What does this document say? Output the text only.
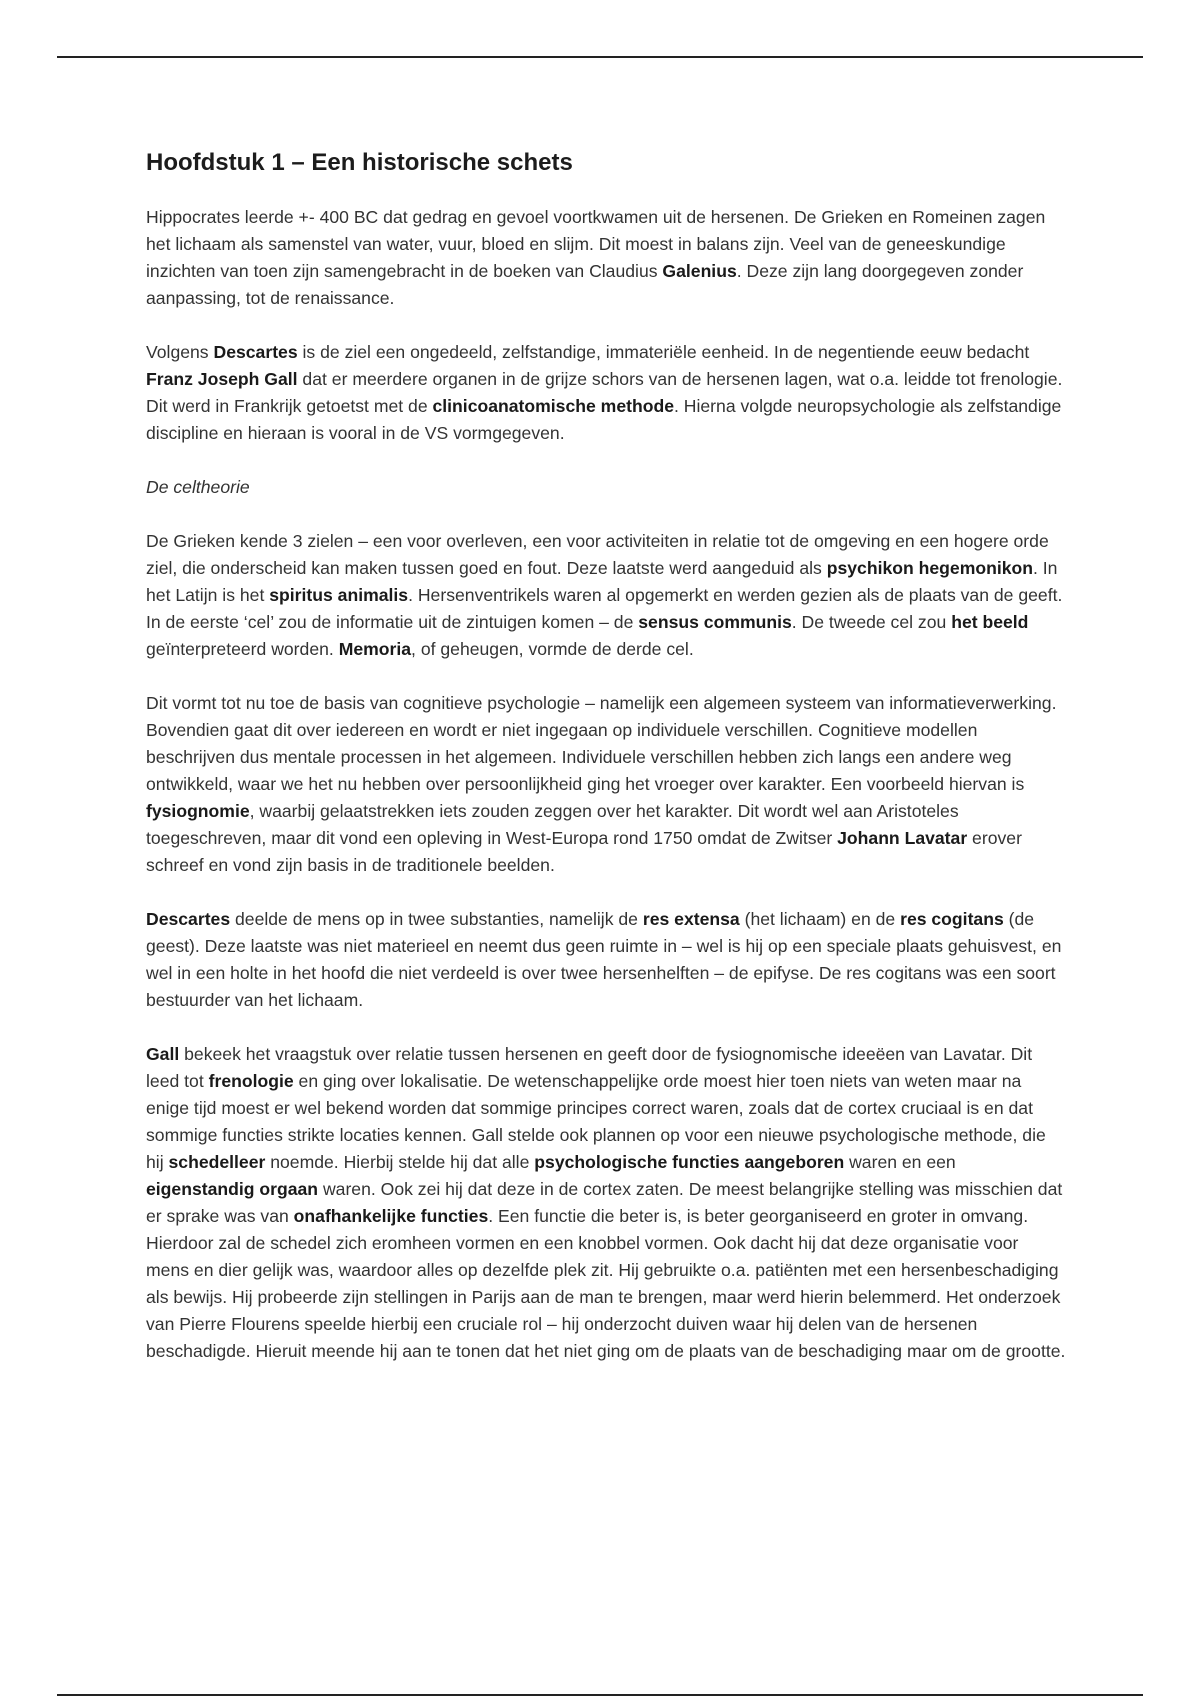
Hoofdstuk 1 – Een historische schets

Hippocrates leerde +- 400 BC dat gedrag en gevoel voortkwamen uit de hersenen. De Grieken en Romeinen zagen het lichaam als samenstel van water, vuur, bloed en slijm. Dit moest in balans zijn. Veel van de geneeskundige inzichten van toen zijn samengebracht in de boeken van Claudius Galenius. Deze zijn lang doorgegeven zonder aanpassing, tot de renaissance.

Volgens Descartes is de ziel een ongedeeld, zelfstandige, immateriële eenheid. In de negentiende eeuw bedacht Franz Joseph Gall dat er meerdere organen in de grijze schors van de hersenen lagen, wat o.a. leidde tot frenologie. Dit werd in Frankrijk getoetst met de clinicoanatomische methode. Hierna volgde neuropsychologie als zelfstandige discipline en hieraan is vooral in de VS vormgegeven.

De celtheorie

De Grieken kende 3 zielen – een voor overleven, een voor activiteiten in relatie tot de omgeving en een hogere orde ziel, die onderscheid kan maken tussen goed en fout. Deze laatste werd aangeduid als psychikon hegemonikon. In het Latijn is het spiritus animalis. Hersenventrikels waren al opgemerkt en werden gezien als de plaats van de geeft. In de eerste ‘cel’ zou de informatie uit de zintuigen komen – de sensus communis. De tweede cel zou het beeld geïnterpreteerd worden. Memoria, of geheugen, vormde de derde cel.

Dit vormt tot nu toe de basis van cognitieve psychologie – namelijk een algemeen systeem van informatieverwerking. Bovendien gaat dit over iedereen en wordt er niet ingegaan op individuele verschillen. Cognitieve modellen beschrijven dus mentale processen in het algemeen. Individuele verschillen hebben zich langs een andere weg ontwikkeld, waar we het nu hebben over persoonlijkheid ging het vroeger over karakter. Een voorbeeld hiervan is fysiognomie, waarbij gelaatstrekken iets zouden zeggen over het karakter. Dit wordt wel aan Aristoteles toegeschreven, maar dit vond een opleving in West-Europa rond 1750 omdat de Zwitser Johann Lavatar erover schreef en vond zijn basis in de traditionele beelden.

Descartes deelde de mens op in twee substanties, namelijk de res extensa (het lichaam) en de res cogitans (de geest). Deze laatste was niet materieel en neemt dus geen ruimte in – wel is hij op een speciale plaats gehuisvest, en wel in een holte in het hoofd die niet verdeeld is over twee hersenhelften – de epifyse. De res cogitans was een soort bestuurder van het lichaam.

Gall bekeek het vraagstuk over relatie tussen hersenen en geeft door de fysiognomische ideeëen van Lavatar. Dit leed tot frenologie en ging over lokalisatie. De wetenschappelijke orde moest hier toen niets van weten maar na enige tijd moest er wel bekend worden dat sommige principes correct waren, zoals dat de cortex cruciaal is en dat sommige functies strikte locaties kennen. Gall stelde ook plannen op voor een nieuwe psychologische methode, die hij schedelleer noemde. Hierbij stelde hij dat alle psychologische functies aangeboren waren en een eigenstandig orgaan waren. Ook zei hij dat deze in de cortex zaten. De meest belangrijke stelling was misschien dat er sprake was van onafhankelijke functies. Een functie die beter is, is beter georganiseerd en groter in omvang. Hierdoor zal de schedel zich eromheen vormen en een knobbel vormen. Ook dacht hij dat deze organisatie voor mens en dier gelijk was, waardoor alles op dezelfde plek zit. Hij gebruikte o.a. patiënten met een hersenbeschadiging als bewijs. Hij probeerde zijn stellingen in Parijs aan de man te brengen, maar werd hierin belemmerd. Het onderzoek van Pierre Flourens speelde hierbij een cruciale rol – hij onderzocht duiven waar hij delen van de hersenen beschadigde. Hieruit meende hij aan te tonen dat het niet ging om de plaats van de beschadiging maar om de grootte.
